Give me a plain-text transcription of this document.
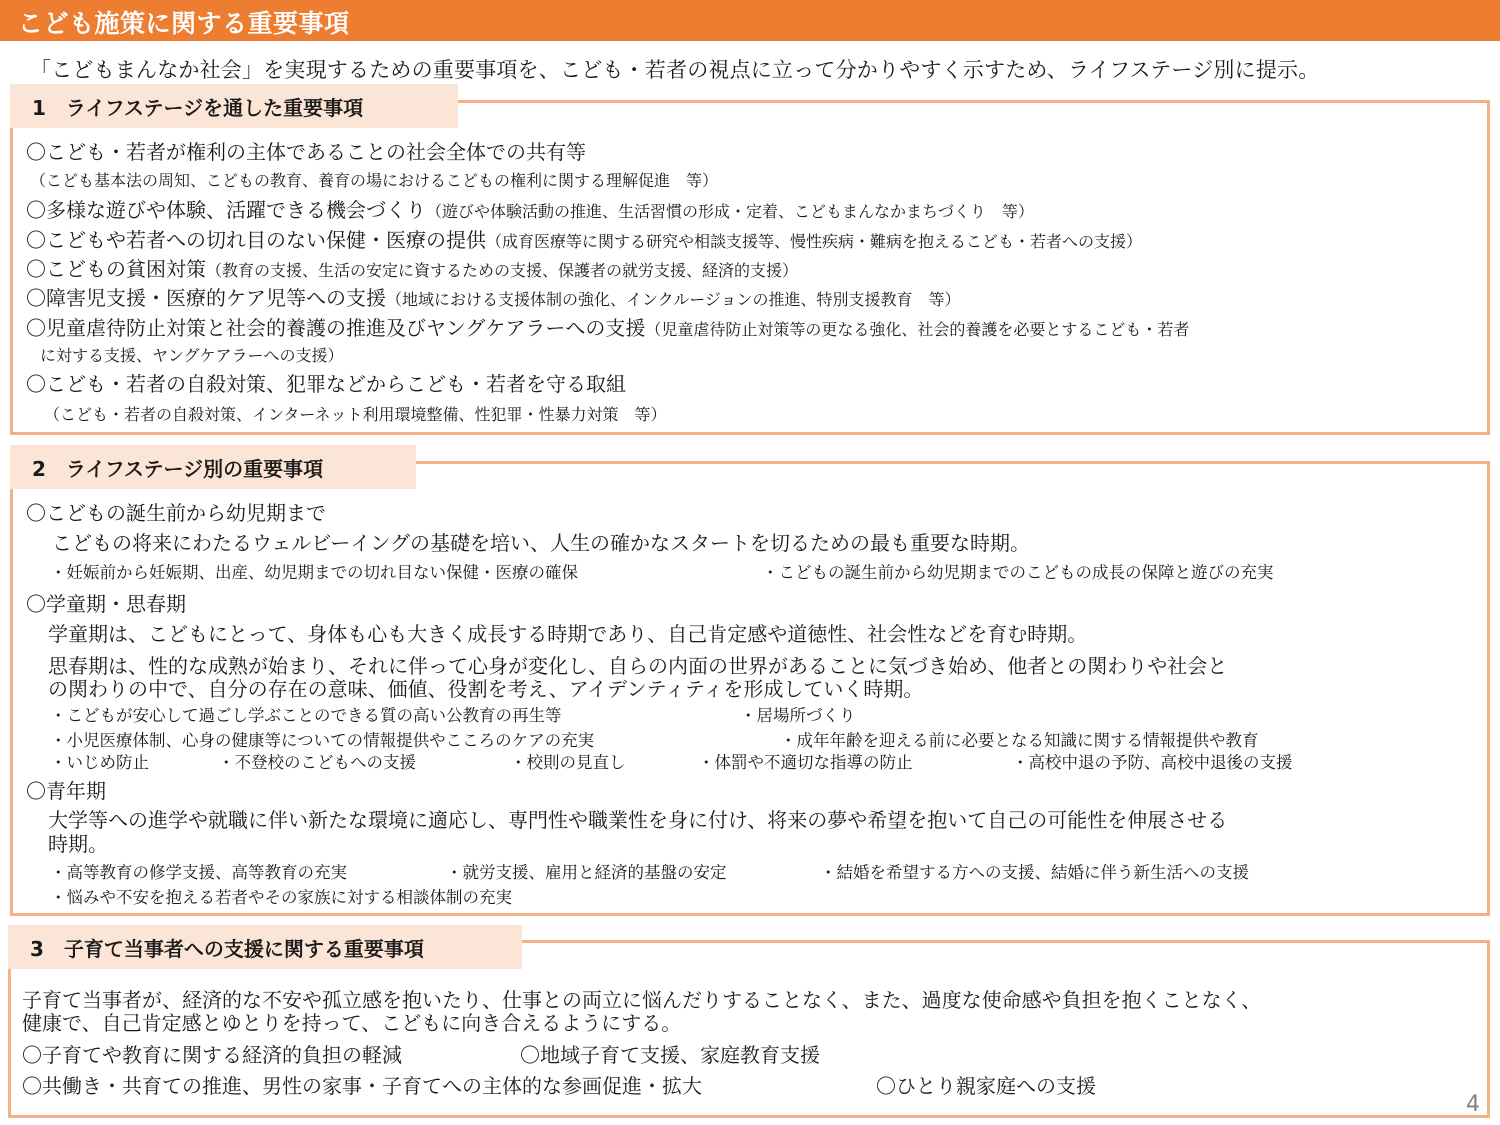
こども施策に関する重要事項
「こどもまんなか社会」を実現するための重要事項を、こども・若者の視点に立って分かりやすく示すため、ライフステージ別に提示。
1　ライフステージを通した重要事項
〇こども・若者が権利の主体であることの社会全体での共有等
（こども基本法の周知、こどもの教育、養育の場におけるこどもの権利に関する理解促進　等）
〇多様な遊びや体験、活躍できる機会づくり（遊びや体験活動の推進、生活習慣の形成・定着、こどもまんなかまちづくり　等）
〇こどもや若者への切れ目のない保健・医療の提供（成育医療等に関する研究や相談支援等、慢性疾病・難病を抱えるこども・若者への支援）
〇こどもの貧困対策（教育の支援、生活の安定に資するための支援、保護者の就労支援、経済的支援）
〇障害児支援・医療的ケア児等への支援（地域における支援体制の強化、インクルージョンの推進、特別支援教育　等）
〇児童虐待防止対策と社会的養護の推進及びヤングケアラーへの支援（児童虐待防止対策等の更なる強化、社会的養護を必要とするこども・若者
に対する支援、ヤングケアラーへの支援）
〇こども・若者の自殺対策、犯罪などからこども・若者を守る取組
（こども・若者の自殺対策、インターネット利用環境整備、性犯罪・性暴力対策　等）
2　ライフステージ別の重要事項
〇こどもの誕生前から幼児期まで
こどもの将来にわたるウェルビーイングの基礎を培い、人生の確かなスタートを切るための最も重要な時期。
・妊娠前から妊娠期、出産、幼児期までの切れ目ない保健・医療の確保	・こどもの誕生前から幼児期までのこどもの成長の保障と遊びの充実
〇学童期・思春期
学童期は、こどもにとって、身体も心も大きく成長する時期であり、自己肯定感や道徳性、社会性などを育む時期。
思春期は、性的な成熟が始まり、それに伴って心身が変化し、自らの内面の世界があることに気づき始め、他者との関わりや社会と
の関わりの中で、自分の存在の意味、価値、役割を考え、アイデンティティを形成していく時期。
・こどもが安心して過ごし学ぶことのできる質の高い公教育の再生等	・居場所づくり
・小児医療体制、心身の健康等についての情報提供やこころのケアの充実	・成年年齢を迎える前に必要となる知識に関する情報提供や教育
・いじめ防止	・不登校のこどもへの支援	・校則の見直し	・体罰や不適切な指導の防止	・高校中退の予防、高校中退後の支援
〇青年期
大学等への進学や就職に伴い新たな環境に適応し、専門性や職業性を身に付け、将来の夢や希望を抱いて自己の可能性を伸展させる
時期。
・高等教育の修学支援、高等教育の充実	・就労支援、雇用と経済的基盤の安定	・結婚を希望する方への支援、結婚に伴う新生活への支援
・悩みや不安を抱える若者やその家族に対する相談体制の充実
3　子育て当事者への支援に関する重要事項
子育て当事者が、経済的な不安や孤立感を抱いたり、仕事との両立に悩んだりすることなく、また、過度な使命感や負担を抱くことなく、
健康で、自己肯定感とゆとりを持って、こどもに向き合えるようにする。
〇子育てや教育に関する経済的負担の軽減	〇地域子育て支援、家庭教育支援
〇共働き・共育ての推進、男性の家事・子育てへの主体的な参画促進・拡大	〇ひとり親家庭への支援
4
